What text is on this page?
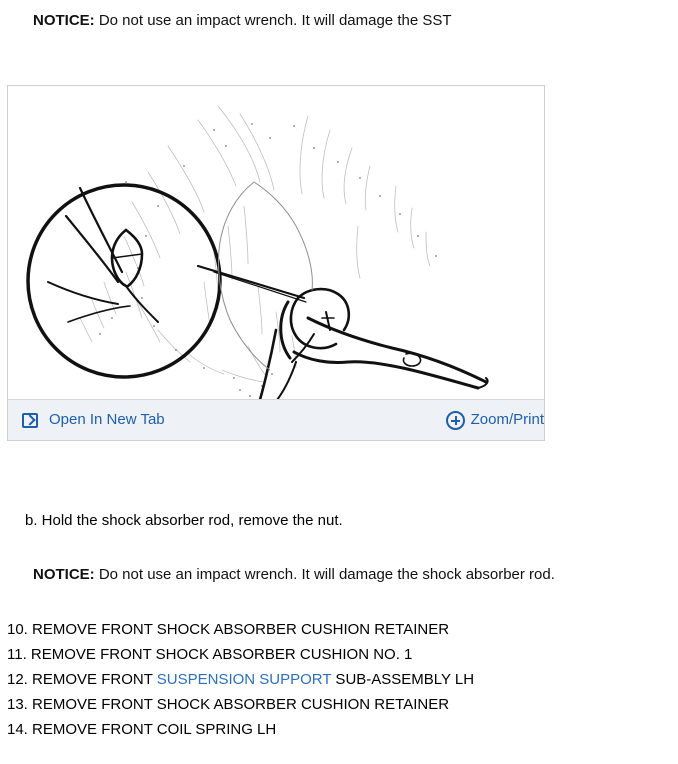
NOTICE: Do not use an impact wrench. It will damage the SST
Open In New Tab	Zoom/Print
b. Hold the shock absorber rod, remove the nut.
NOTICE: Do not use an impact wrench. It will damage the shock absorber rod.
10. REMOVE FRONT SHOCK ABSORBER CUSHION RETAINER
11. REMOVE FRONT SHOCK ABSORBER CUSHION NO. 1
12. REMOVE FRONT SUSPENSION SUPPORT SUB-ASSEMBLY LH
13. REMOVE FRONT SHOCK ABSORBER CUSHION RETAINER
14. REMOVE FRONT COIL SPRING LH
